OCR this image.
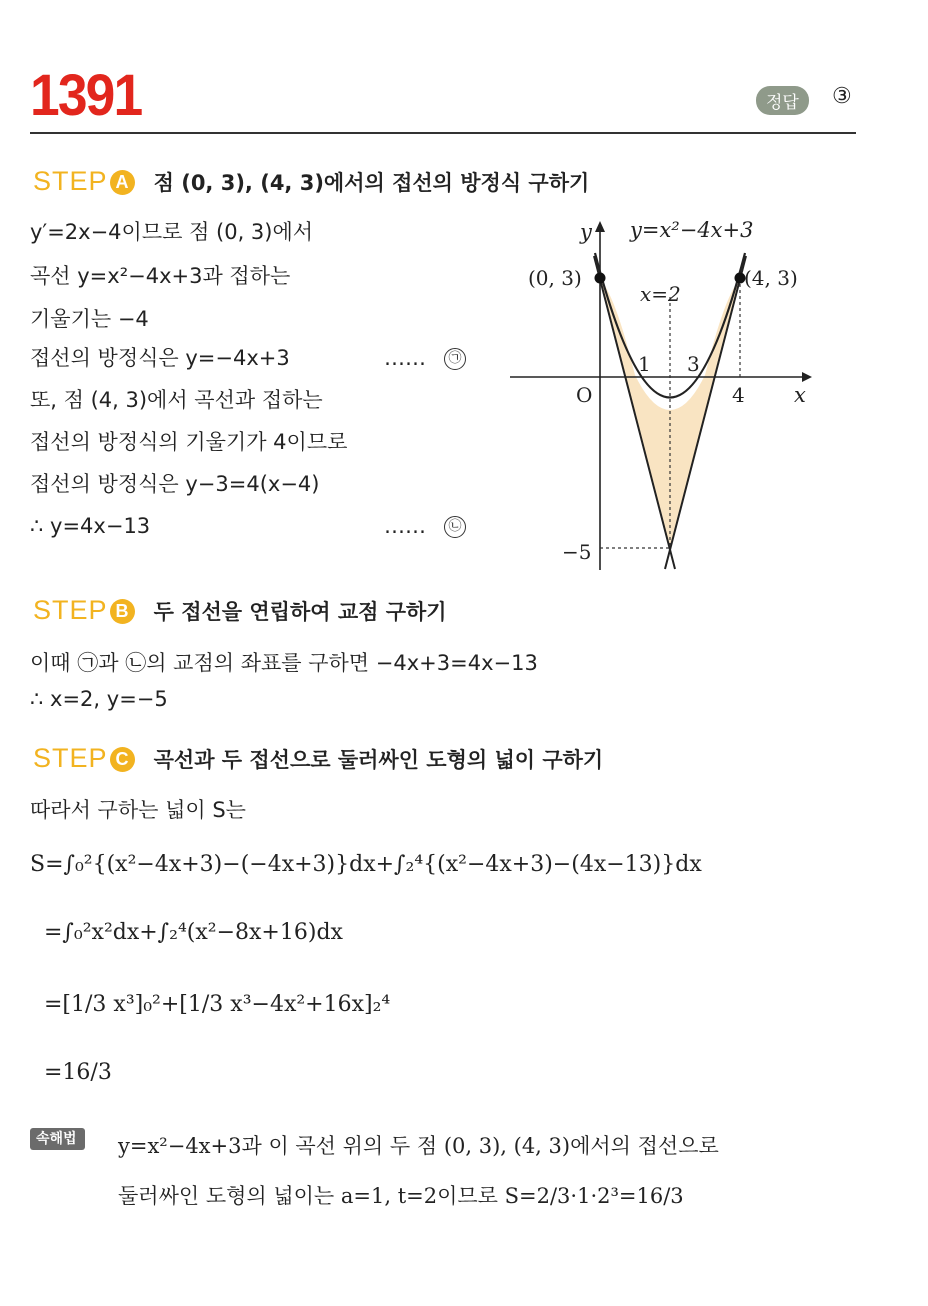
1391	정답	③
STEP A 점 (0, 3), (4, 3)에서의 접선의 방정식 구하기
y′=2x−4이므로 점 (0, 3)에서
곡선 y=x²−4x+3과 접하는
기울기는 −4
접선의 방정식은 y=−4x+3	……	㉠
또, 점 (4, 3)에서 곡선과 접하는
접선의 방정식의 기울기가 4이므로
접선의 방정식은 y−3=4(x−4)
∴ y=4x−13	……	㉡
y=x²−4x+3
y
x
(0, 3)	(4, 3)
x=2
1 3
4
O
−5
STEP B 두 접선을 연립하여 교점 구하기
이때 ㉠과 ㉡의 교점의 좌표를 구하면 −4x+3=4x−13
∴ x=2, y=−5
STEP C 곡선과 두 접선으로 둘러싸인 도형의 넓이 구하기
따라서 구하는 넓이 S는
S=∫₀²{(x²−4x+3)−(−4x+3)}dx+∫₂⁴{(x²−4x+3)−(4x−13)}dx
=∫₀²x²dx+∫₂⁴(x²−8x+16)dx
=[1/3 x³]₀²+[1/3 x³−4x²+16x]₂⁴
=16/3
속해법	y=x²−4x+3과 이 곡선 위의 두 점 (0, 3), (4, 3)에서의 접선으로
둘러싸인 도형의 넓이는 a=1, t=2이므로 S=2/3·1·2³=16/3
